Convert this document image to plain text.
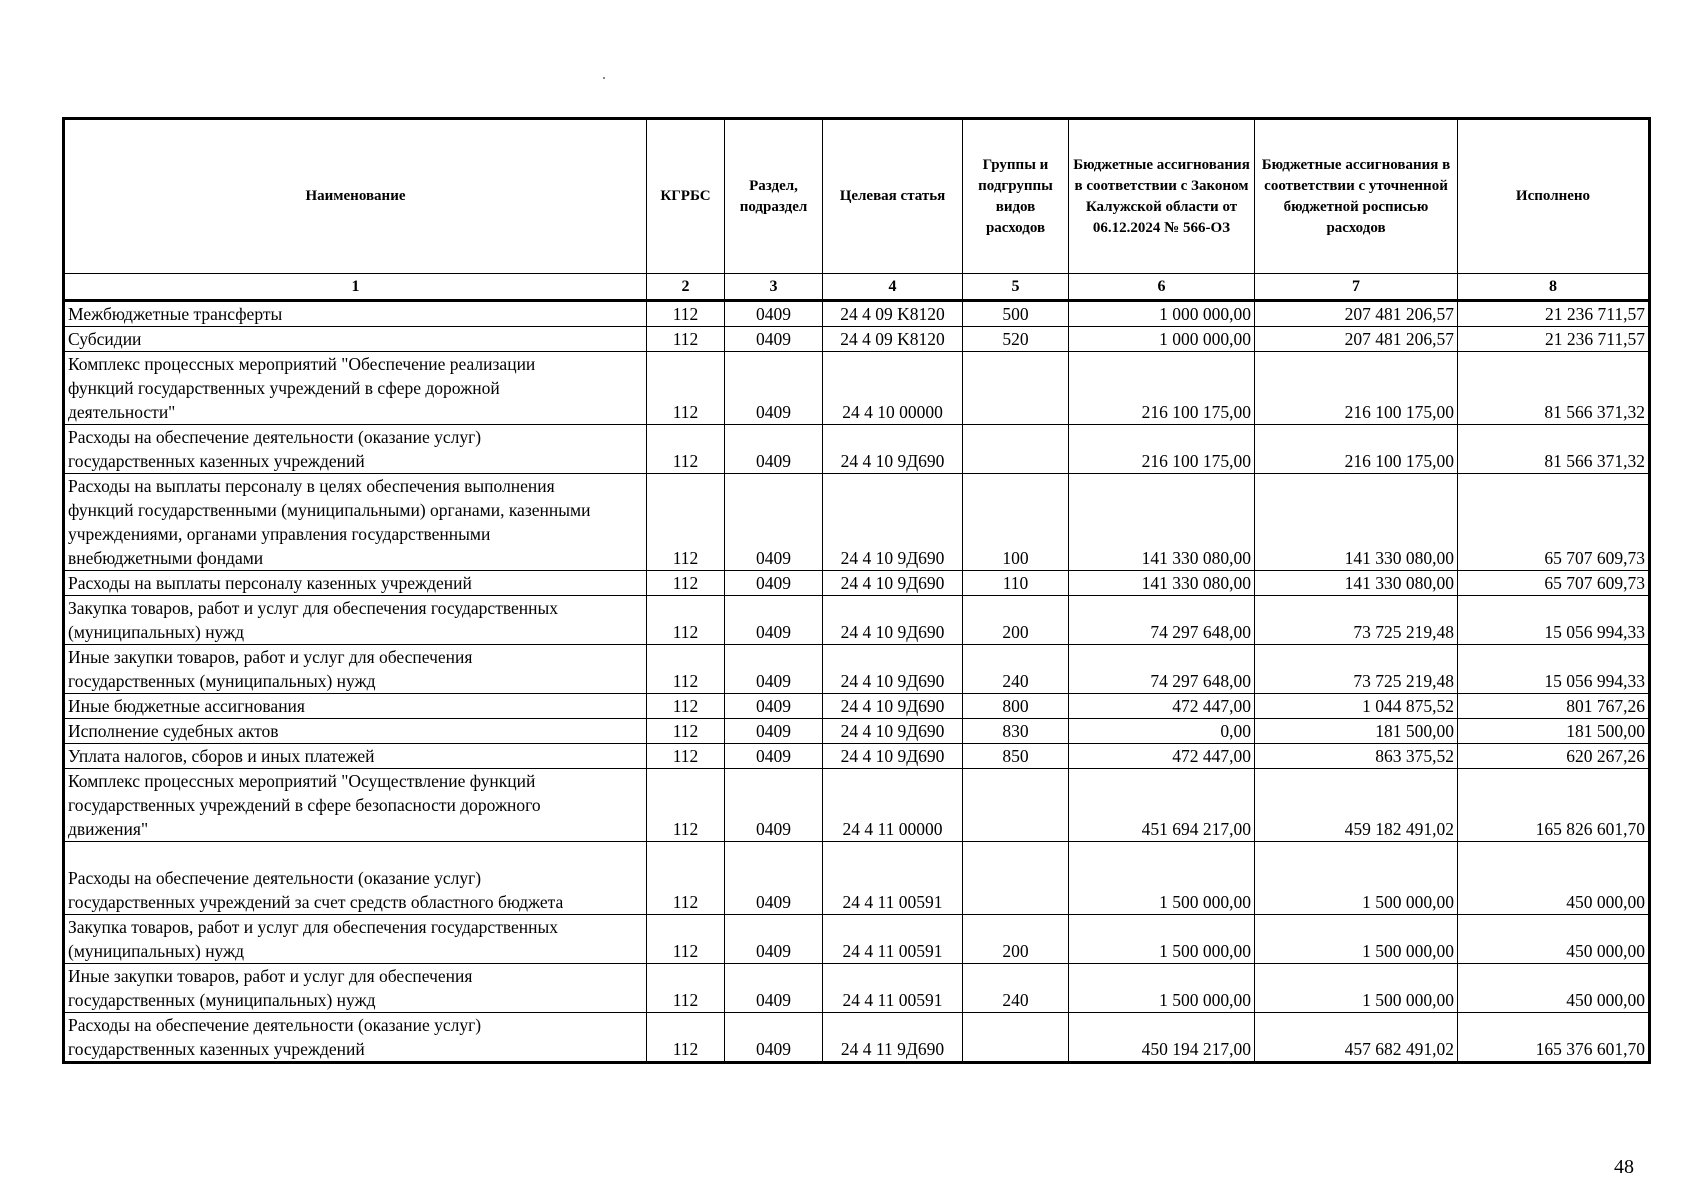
Наименование	КГРБС	Раздел, подраздел	Целевая статья	Группы и подгруппы видов расходов	Бюджетные ассигнования в соответствии с Законом Калужской области от 06.12.2024 № 566-ОЗ	Бюджетные ассигнования в соответствии с уточненной бюджетной росписью расходов	Исполнено
1	2	3	4	5	6	7	8
Межбюджетные трансферты	112	0409	24 4 09 K8120	500	1 000 000,00	207 481 206,57	21 236 711,57
Субсидии	112	0409	24 4 09 K8120	520	1 000 000,00	207 481 206,57	21 236 711,57
Комплекс процессных мероприятий "Обеспечение реализации
функций государственных учреждений в сфере дорожной
деятельности"	112	0409	24 4 10 00000		216 100 175,00	216 100 175,00	81 566 371,32
Расходы на обеспечение деятельности (оказание услуг)
государственных казенных учреждений	112	0409	24 4 10 9Д690		216 100 175,00	216 100 175,00	81 566 371,32
Расходы на выплаты персоналу в целях обеспечения выполнения
функций государственными (муниципальными) органами, казенными
учреждениями, органами управления государственными
внебюджетными фондами	112	0409	24 4 10 9Д690	100	141 330 080,00	141 330 080,00	65 707 609,73
Расходы на выплаты персоналу казенных учреждений	112	0409	24 4 10 9Д690	110	141 330 080,00	141 330 080,00	65 707 609,73
Закупка товаров, работ и услуг для обеспечения государственных
(муниципальных) нужд	112	0409	24 4 10 9Д690	200	74 297 648,00	73 725 219,48	15 056 994,33
Иные закупки товаров, работ и услуг для обеспечения
государственных (муниципальных) нужд	112	0409	24 4 10 9Д690	240	74 297 648,00	73 725 219,48	15 056 994,33
Иные бюджетные ассигнования	112	0409	24 4 10 9Д690	800	472 447,00	1 044 875,52	801 767,26
Исполнение судебных актов	112	0409	24 4 10 9Д690	830	0,00	181 500,00	181 500,00
Уплата налогов, сборов и иных платежей	112	0409	24 4 10 9Д690	850	472 447,00	863 375,52	620 267,26
Комплекс процессных мероприятий "Осуществление функций
государственных учреждений в сфере безопасности дорожного
движения"	112	0409	24 4 11 00000		451 694 217,00	459 182 491,02	165 826 601,70
Расходы на обеспечение деятельности (оказание услуг)
государственных учреждений за счет средств областного бюджета	112	0409	24 4 11 00591		1 500 000,00	1 500 000,00	450 000,00
Закупка товаров, работ и услуг для обеспечения государственных
(муниципальных) нужд	112	0409	24 4 11 00591	200	1 500 000,00	1 500 000,00	450 000,00
Иные закупки товаров, работ и услуг для обеспечения
государственных (муниципальных) нужд	112	0409	24 4 11 00591	240	1 500 000,00	1 500 000,00	450 000,00
Расходы на обеспечение деятельности (оказание услуг)
государственных казенных учреждений	112	0409	24 4 11 9Д690		450 194 217,00	457 682 491,02	165 376 601,70
48
